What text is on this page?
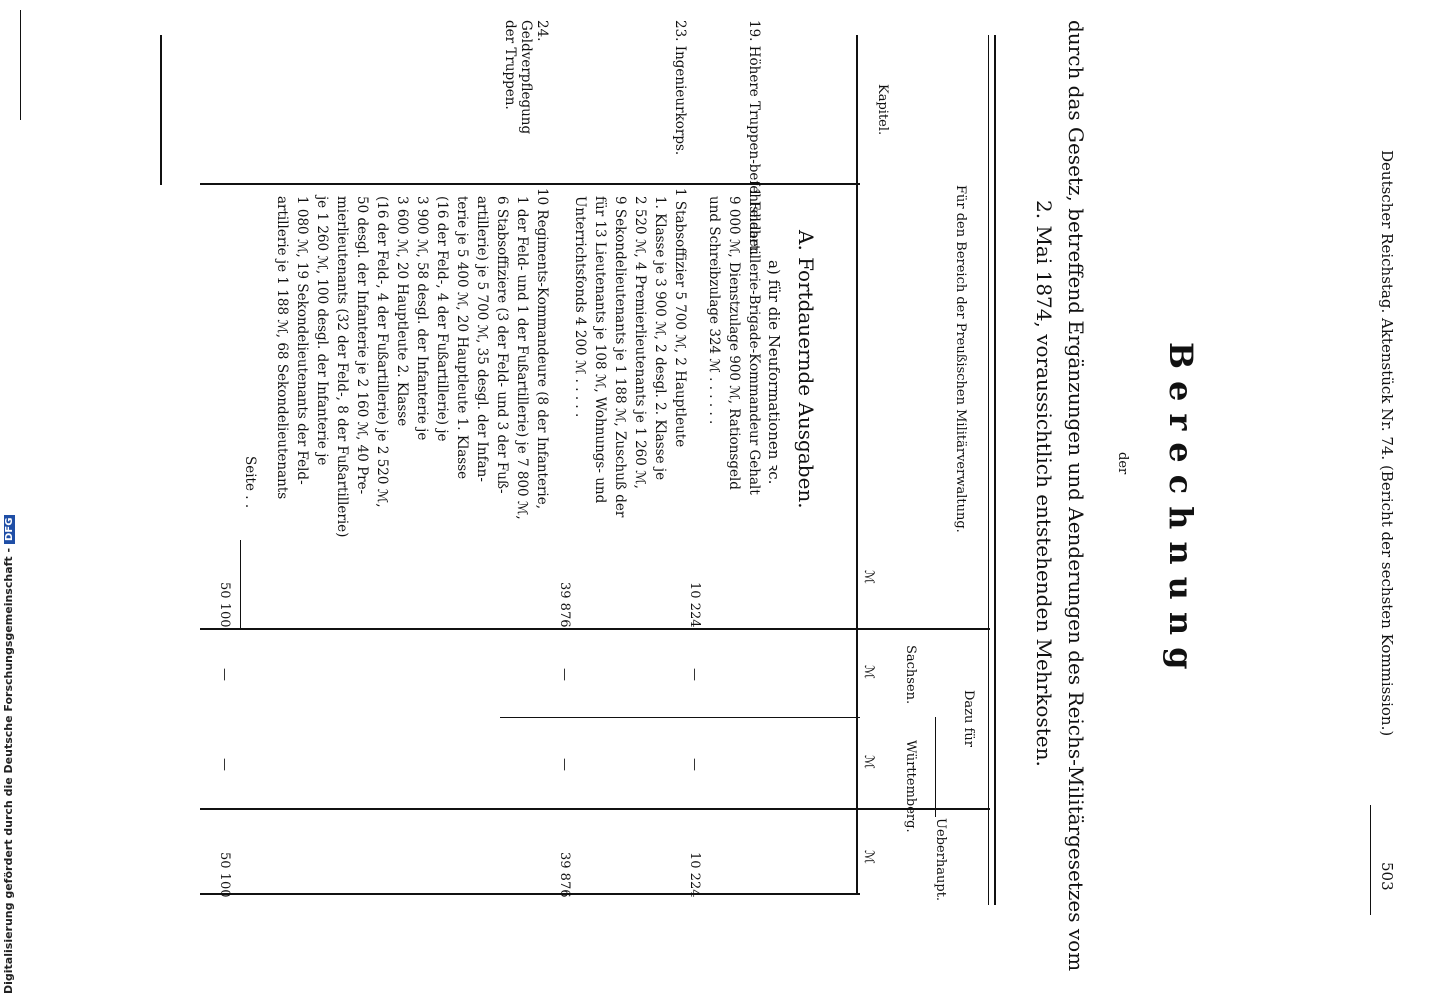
Deutscher Reichstag. Aktenstück Nr. 74. (Bericht der sechsten Kommission.)
503
Berechnung
der
durch das Gesetz, betreffend Ergänzungen und Aenderungen des Reichs-Militärgesetzes vom
2. Mai 1874, voraussichtlich entstehenden Mehrkosten.
Für den Bereich der Preußischen Militärverwaltung.
Kapitel.
ℳ
Dazu für
Sachsen.
ℳ
Württemberg.
ℳ
Ueberhaupt.
ℳ
A. Fortdauernde Ausgaben.
a) für die Neuformationen ꝛc.
19. Höhere Truppen-befehlshaber.
1 Feldartillerie-Brigade-Kommandeur Gehalt
9 000 ℳ, Dienstzulage 900 ℳ, Rationsgeld
und Schreibzulage 324 ℳ . . . . . .
10 224
—
—
10 224
23. Ingenieurkorps.
1 Stabsoffizier 5 700 ℳ, 2 Hauptleute
1. Klasse je 3 900 ℳ, 2 desgl. 2. Klasse je
2 520 ℳ, 4 Premierlieutenants je 1 260 ℳ,
9 Sekondelieutenants je 1 188 ℳ, Zuschuß der
für 13 Lieutenants je 108 ℳ, Wohnungs- und
Unterrichtsfonds 4 200 ℳ . . . . .
39 876
—
—
39 876
24. Geldverpflegung der Truppen.
10 Regiments-Kommandeure (8 der Infanterie,
1 der Feld- und 1 der Fußartillerie) je 7 800 ℳ,
6 Stabsoffiziere (3 der Feld- und 3 der Fuß-
artillerie) je 5 700 ℳ, 35 desgl. der Infan-
terie je 5 400 ℳ, 20 Hauptleute 1. Klasse
(16 der Feld-, 4 der Fußartillerie) je
3 900 ℳ, 58 desgl. der Infanterie je
3 600 ℳ, 20 Hauptleute 2. Klasse
(16 der Feld-, 4 der Fußartillerie) je 2 520 ℳ,
50 desgl. der Infanterie je 2 160 ℳ, 40 Pre-
mierlieutenants (32 der Feld-, 8 der Fußartillerie)
je 1 260 ℳ, 100 desgl. der Infanterie je
1 080 ℳ, 19 Sekondelieutenants der Feld-
artillerie je 1 188 ℳ, 68 Sekondelieutenants
Seite . .
50 100
—
—
50 100
Digitalisierung gefördert durch die Deutsche Forschungsgemeinschaft -DFG
